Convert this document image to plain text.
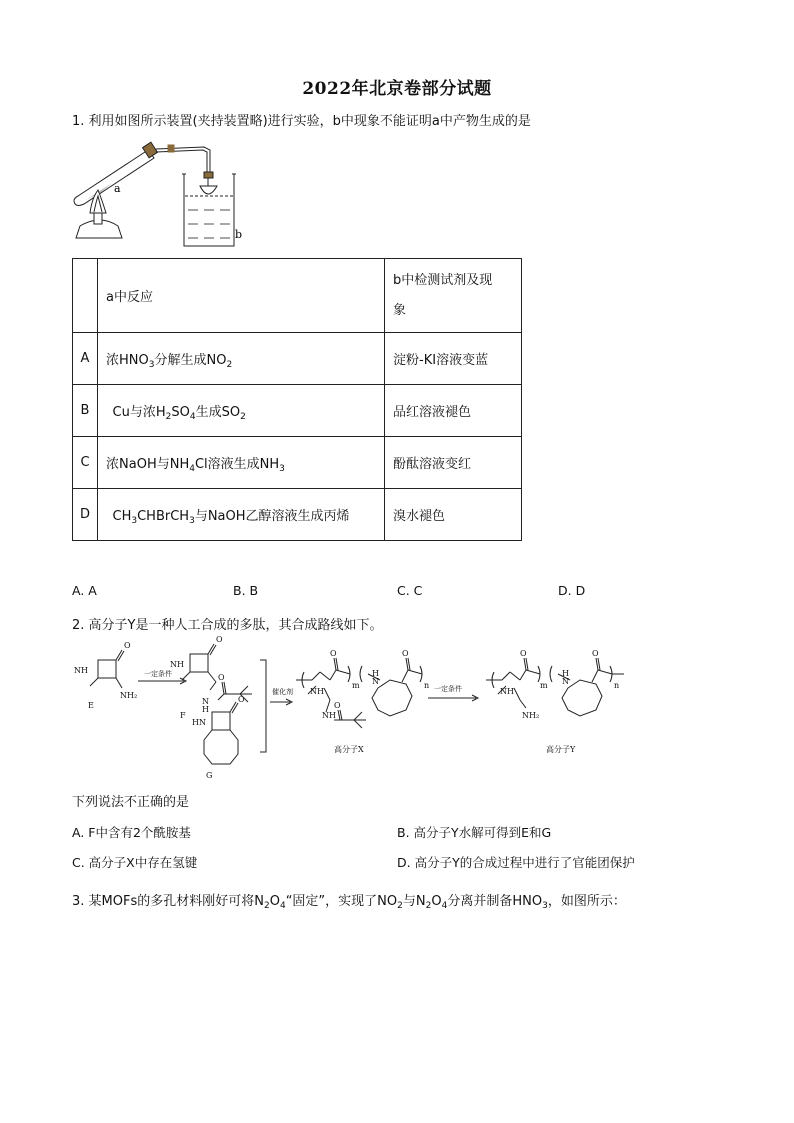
2022年北京卷部分试题
1. 利用如图所示装置(夹持装置略)进行实验，b中现象不能证明a中产物生成的是
a
b
	a中反应	b中检测试剂及现
象
A	浓$HNO_3$分解生成$NO_2$	淀粉-KI溶液变蓝
B	 Cu与浓$H_2SO_4$生成$SO_2$	品红溶液褪色
C	浓NaOH与$NH_4Cl$溶液生成$NH_3$	酚酞溶液变红
D	 $CH_3CHBrCH_3$与NaOH乙醇溶液生成丙烯	溴水褪色
A. A	B. B	C. C	D. D
2. 高分子Y是一种人工合成的多肽，其合成路线如下。
NH
O
NH₂
E
一定条件
NH
O
N
H
O
F
HN
O
G
催化剂 NH
O
m
NH
O
N
H
O
n
高分子X
一定条件	NH
O
m
NH₂
N
H
O
n
高分子Y
下列说法不正确的是
A. F中含有2个酰胺基	B. 高分子Y水解可得到E和G
C. 高分子X中存在氢键	D. 高分子Y的合成过程中进行了官能团保护
3. 某MOFs的多孔材料刚好可将$N_2O_4“$固定”，实现了$NO_2$与$N_2O_4$分离并制备$HNO_3$，如图所示：
